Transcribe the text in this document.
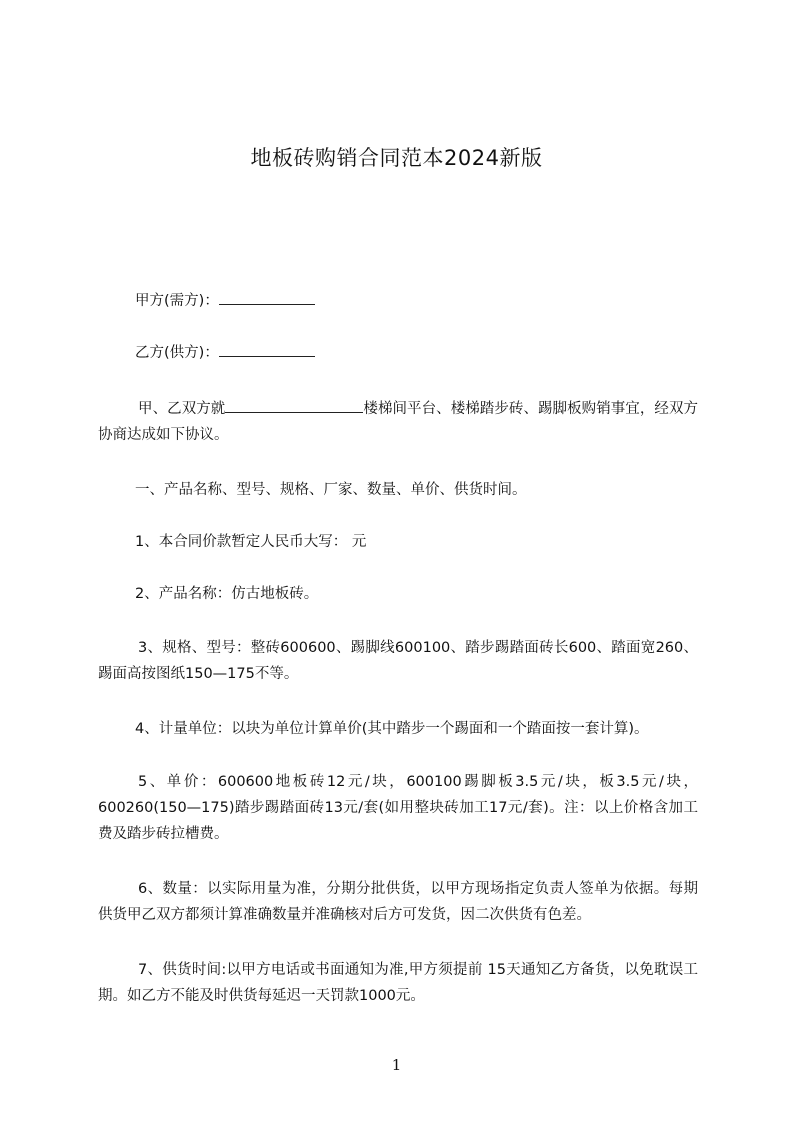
地板砖购销合同范本2024新版
甲方(需方)：
乙方(供方)：
甲、乙双方就	楼梯间平台、楼梯踏步砖、踢脚板购销事宜，经双方协商达成如下协议。
一、产品名称、型号、规格、厂家、数量、单价、供货时间。
1、本合同价款暂定人民币大写： 元
2、产品名称：仿古地板砖。
3、规格、型号：整砖600600、踢脚线600100、踏步踢踏面砖长600、踏面宽260、踢面高按图纸150—175不等。
4、计量单位：以块为单位计算单价(其中踏步一个踢面和一个踏面按一套计算)。
5、单价：600600地板砖12元/块，600100踢脚板3.5元/块，板3.5元/块，600260(150—175)踏步踢踏面砖13元/套(如用整块砖加工17元/套)。注：以上价格含加工费及踏步砖拉槽费。
6、数量：以实际用量为准，分期分批供货，以甲方现场指定负责人签单为依据。每期供货甲乙双方都须计算准确数量并准确核对后方可发货，因二次供货有色差。
7、供货时间:以甲方电话或书面通知为准,甲方须提前 15天通知乙方备货，以免耽误工期。如乙方不能及时供货每延迟一天罚款1000元。
1
